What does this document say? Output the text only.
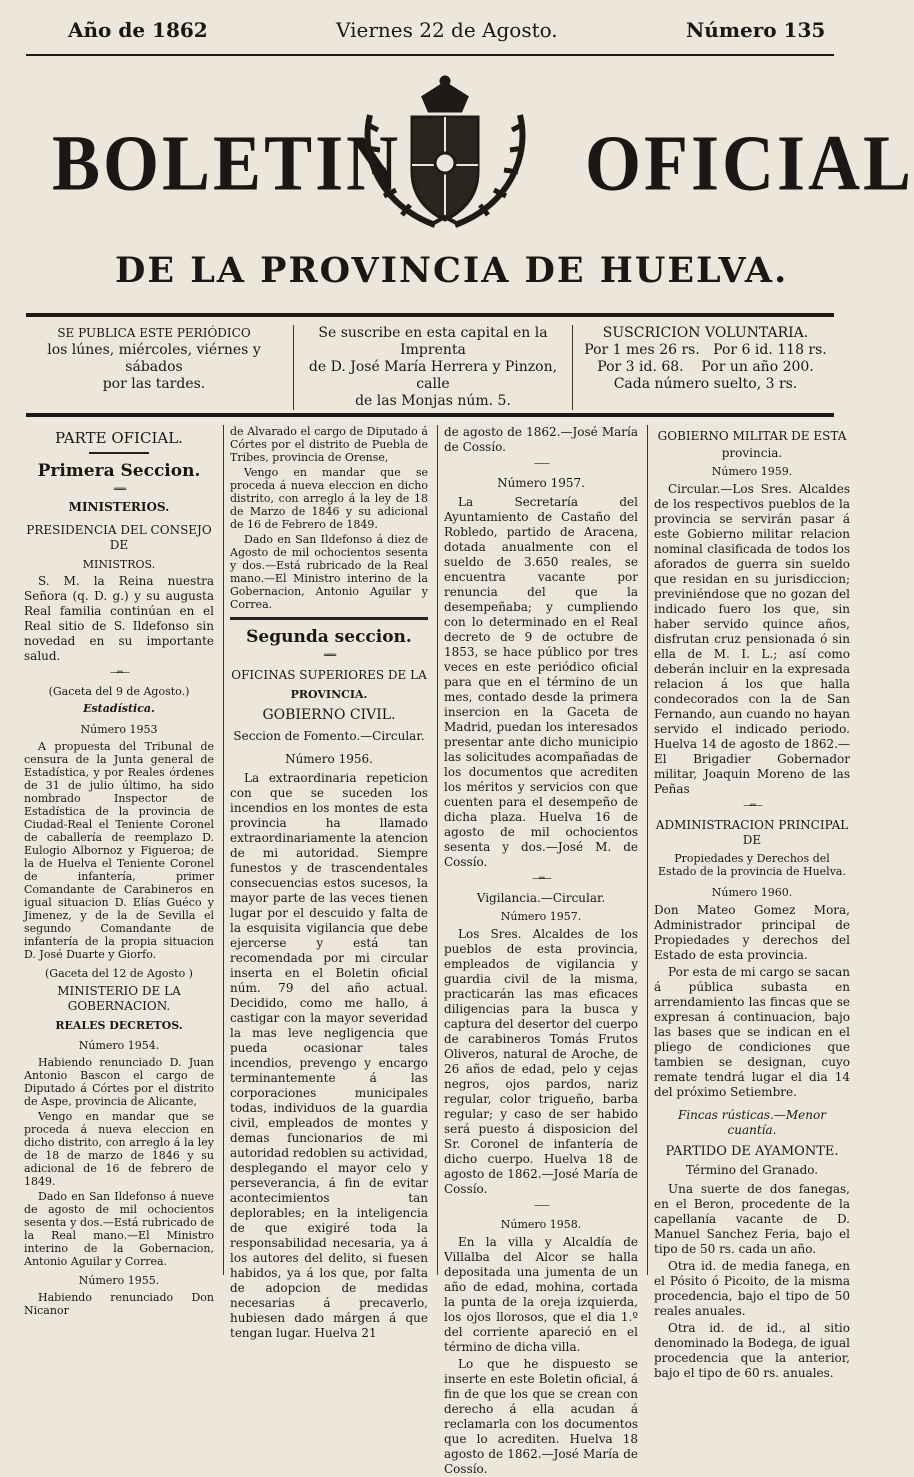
Año de 1862	Viernes 22 de Agosto.	Número 135
BOLETIN	OFICIAL
DE LA PROVINCIA DE HUELVA.

SE PUBLICA ESTE PERIÓDICO

los lúnes, miércoles, viérnes y sábados

por las tardes.

Se suscribe en esta capital en la Imprenta

de D. José María Herrera y Pinzon, calle

de las Monjas núm. 5.

SUSCRICION VOLUNTARIA.

Por 1 mes 26 rs.   Por 6 id. 118 rs.

Por 3 id. 68.    Por un año 200.

Cada número suelto, 3 rs.

PARTE OFICIAL.
Primera Seccion.
═══
MINISTERIOS.
PRESIDENCIA DEL CONSEJO DE
MINISTROS.

S. M. la Reina nuestra Señora (q. D. g.) y su augusta Real familia continúan en el Real sitio de S. Ildefonso sin novedad en su importante salud.

—═—
(Gaceta del 9 de Agosto.)
Estadística.
Número 1953

A propuesta del Tribunal de censura de la Junta general de Estadística, y por Reales órdenes de 31 de julio último, ha sido nombrado Inspector de Estadística de la provincia de Ciudad-Real el Teniente Coronel de caballería de reemplazo D. Eulogio Albornoz y Figueroa; de la de Huelva el Teniente Coronel de infantería, primer Comandante de Carabineros en igual situacion D. Elías Guéco y Jimenez, y de la de Sevilla el segundo Comandante de infantería de la propia situacion D. José Duarte y Giorfo.

(Gaceta del 12 de Agosto )
MINISTERIO DE LA GOBERNACION.
REALES DECRETOS.
Número 1954.

Habiendo renunciado D. Juan Antonio Bascon el cargo de Diputado á Córtes por el distrito de Aspe, provincia de Alicante,

Vengo en mandar que se proceda á nueva eleccion en dicho distrito, con arreglo á la ley de 18 de marzo de 1846 y su adicional de 16 de febrero de 1849.

Dado en San Ildefonso á nueve de agosto de mil ochocientos sesenta y dos.—Está rubricado de la Real mano.—El Ministro interino de la Gobernacion, Antonio Aguilar y Correa.

Número 1955.

Habiendo renunciado Don Nicanor

de Alvarado el cargo de Diputado á Córtes por el distrito de Puebla de Tribes, provincia de Orense,

Vengo en mandar que se proceda á nueva eleccion en dicho distrito, con arreglo á la ley de 18 de Marzo de 1846 y su adicional de 16 de Febrero de 1849.

Dado en San Ildefonso á diez de Agosto de mil ochocientos sesenta y dos.—Está rubricado de la Real mano.—El Ministro interino de la Gobernacion, Antonio Aguilar y Correa.

Segunda seccion.
═══
OFICINAS SUPERIORES DE LA
PROVINCIA.
GOBIERNO CIVIL.
Seccion de Fomento.—Circular.
Número 1956.

La extraordinaria repeticion con que se suceden los incendios en los montes de esta provincia ha llamado extraordinariamente la atencion de mi autoridad. Siempre funestos y de trascendentales consecuencias estos sucesos, la mayor parte de las veces tienen lugar por el descuido y falta de la esquisita vigilancia que debe ejercerse y está tan recomendada por mi circular inserta en el Boletin oficial núm. 79 del año actual. Decidido, como me hallo, á castigar con la mayor severidad la mas leve negligencia que pueda ocasionar tales incendios, prevengo y encargo terminantemente á las corporaciones municipales todas, individuos de la guardia civil, empleados de montes y demas funcionarios de mi autoridad redoblen su actividad, desplegando el mayor celo y perseverancia, á fin de evitar acontecimientos tan deplorables; en la inteligencia de que exigiré toda la responsabilidad necesaria, ya á los autores del delito, si fuesen habidos, ya á los que, por falta de adopcion de medidas necesarias á precaverlo, hubiesen dado márgen á que tengan lugar. Huelva 21

de agosto de 1862.—José María de Cossío.

——
Número 1957.

La Secretaría del Ayuntamiento de Castaño del Robledo, partido de Aracena, dotada anualmente con el sueldo de 3.650 reales, se encuentra vacante por renuncia del que la desempeñaba; y cumpliendo con lo determinado en el Real decreto de 9 de octubre de 1853, se hace público por tres veces en este periódico oficial para que en el término de un mes, contado desde la primera insercion en la Gaceta de Madrid, puedan los interesados presentar ante dicho municipio las solicitudes acompañadas de los documentos que acrediten los méritos y servicios con que cuenten para el desempeño de dicha plaza. Huelva 16 de agosto de mil ochocientos sesenta y dos.—José M. de Cossío.

—═—
Vigilancia.—Circular.
Número 1957.

Los Sres. Alcaldes de los pueblos de esta provincia, empleados de vigilancia y guardia civil de la misma, practicarán las mas eficaces diligencias para la busca y captura del desertor del cuerpo de carabineros Tomás Frutos Oliveros, natural de Aroche, de 26 años de edad, pelo y cejas negros, ojos pardos, nariz regular, color trigueño, barba regular; y caso de ser habido será puesto á disposicion del Sr. Coronel de infantería de dicho cuerpo. Huelva 18 de agosto de 1862.—José María de Cossío.

——
Número 1958.

En la villa y Alcaldía de Villalba del Alcor se halla depositada una jumenta de un año de edad, mohina, cortada la punta de la oreja izquierda, los ojos llorosos, que el dia 1.º del corriente apareció en el término de dicha villa.

Lo que he dispuesto se inserte en este Boletin oficial, á fin de que los que se crean con derecho á ella acudan á reclamarla con los documentos que lo acrediten. Huelva 18 agosto de 1862.—José María de Cossío.

GOBIERNO MILITAR DE ESTA
provincia.
Número 1959.

Circular.—Los Sres. Alcaldes de los respectivos pueblos de la provincia se servirán pasar á este Gobierno militar relacion nominal clasificada de todos los aforados de guerra sin sueldo que residan en su jurisdiccion; previniéndose que no gozan del indicado fuero los que, sin haber servido quince años, disfrutan cruz pensionada ó sin ella de M. I. L.; así como deberán incluir en la expresada relacion á los que halla condecorados con la de San Fernando, aun cuando no hayan servido el indicado periodo. Huelva 14 de agosto de 1862.—El Brigadier Gobernador militar, Joaquin Moreno de las Peñas

—═—
ADMINISTRACION PRINCIPAL DE
Propiedades y Derechos del Estado de la provincia de Huelva.
Número 1960.

Don Mateo Gomez Mora, Administrador principal de Propiedades y derechos del Estado de esta provincia.

Por esta de mi cargo se sacan á pública subasta en arrendamiento las fincas que se expresan á continuacion, bajo las bases que se indican en el pliego de condiciones que tambien se designan, cuyo remate tendrá lugar el dia 14 del próximo Setiembre.

Fincas rústicas.—Menor cuantía.
PARTIDO DE AYAMONTE.
Término del Granado.

Una suerte de dos fanegas, en el Beron, procedente de la capellanía vacante de D. Manuel Sanchez Feria, bajo el tipo de 50 rs. cada un año.

Otra id. de media fanega, en el Pósito ó Picoito, de la misma procedencia, bajo el tipo de 50 reales anuales.

Otra id. de id., al sitio denominado la Bodega, de igual procedencia que la anterior, bajo el tipo de 60 rs. anuales.
